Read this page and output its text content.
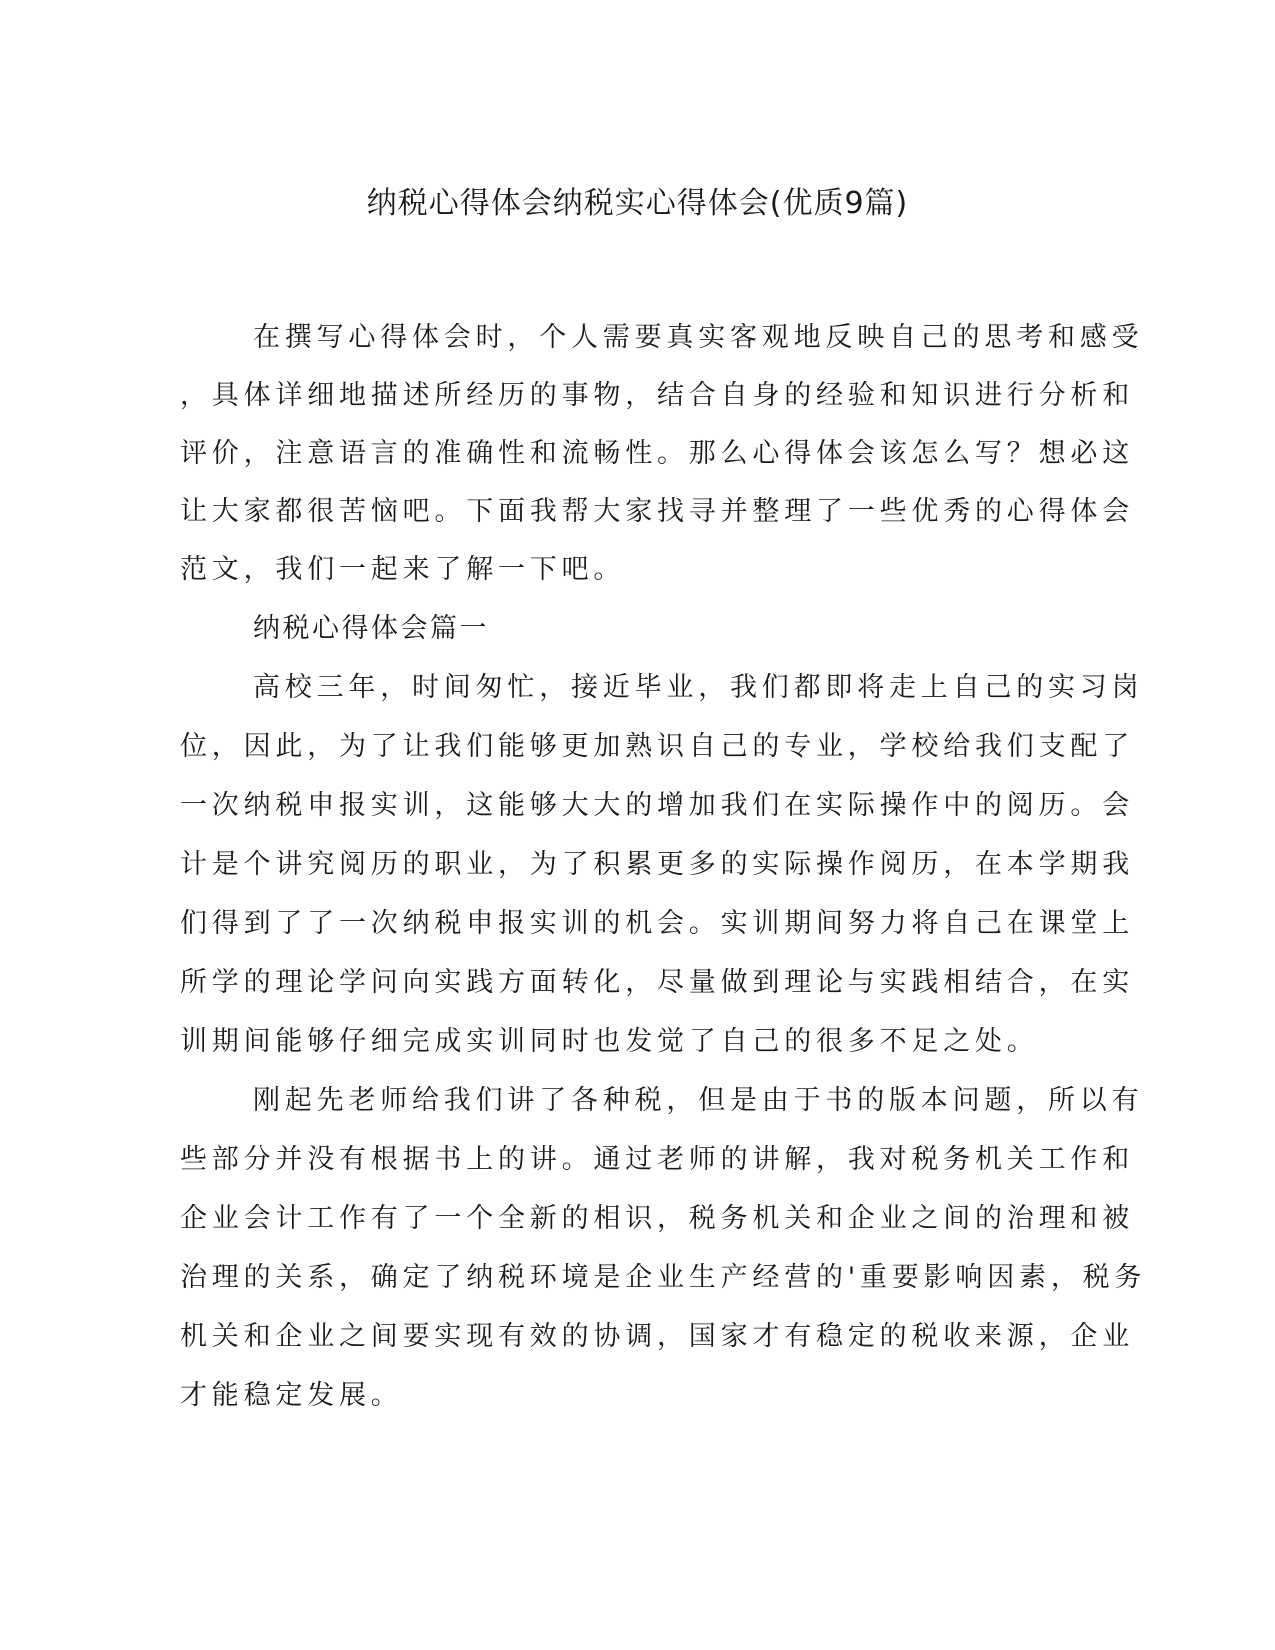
纳税心得体会纳税实心得体会(优质9篇)
在撰写心得体会时，个人需要真实客观地反映自己的思考和感受
，具体详细地描述所经历的事物，结合自身的经验和知识进行分析和
评价，注意语言的准确性和流畅性。那么心得体会该怎么写？想必这
让大家都很苦恼吧。下面我帮大家找寻并整理了一些优秀的心得体会
范文，我们一起来了解一下吧。
纳税心得体会篇一
高校三年，时间匆忙，接近毕业，我们都即将走上自己的实习岗
位，因此，为了让我们能够更加熟识自己的专业，学校给我们支配了
一次纳税申报实训，这能够大大的增加我们在实际操作中的阅历。会
计是个讲究阅历的职业，为了积累更多的实际操作阅历，在本学期我
们得到了了一次纳税申报实训的机会。实训期间努力将自己在课堂上
所学的理论学问向实践方面转化，尽量做到理论与实践相结合，在实
训期间能够仔细完成实训同时也发觉了自己的很多不足之处。
刚起先老师给我们讲了各种税，但是由于书的版本问题，所以有
些部分并没有根据书上的讲。通过老师的讲解，我对税务机关工作和
企业会计工作有了一个全新的相识，税务机关和企业之间的治理和被
治理的关系，确定了纳税环境是企业生产经营的'重要影响因素，税务
机关和企业之间要实现有效的协调，国家才有稳定的税收来源，企业
才能稳定发展。
